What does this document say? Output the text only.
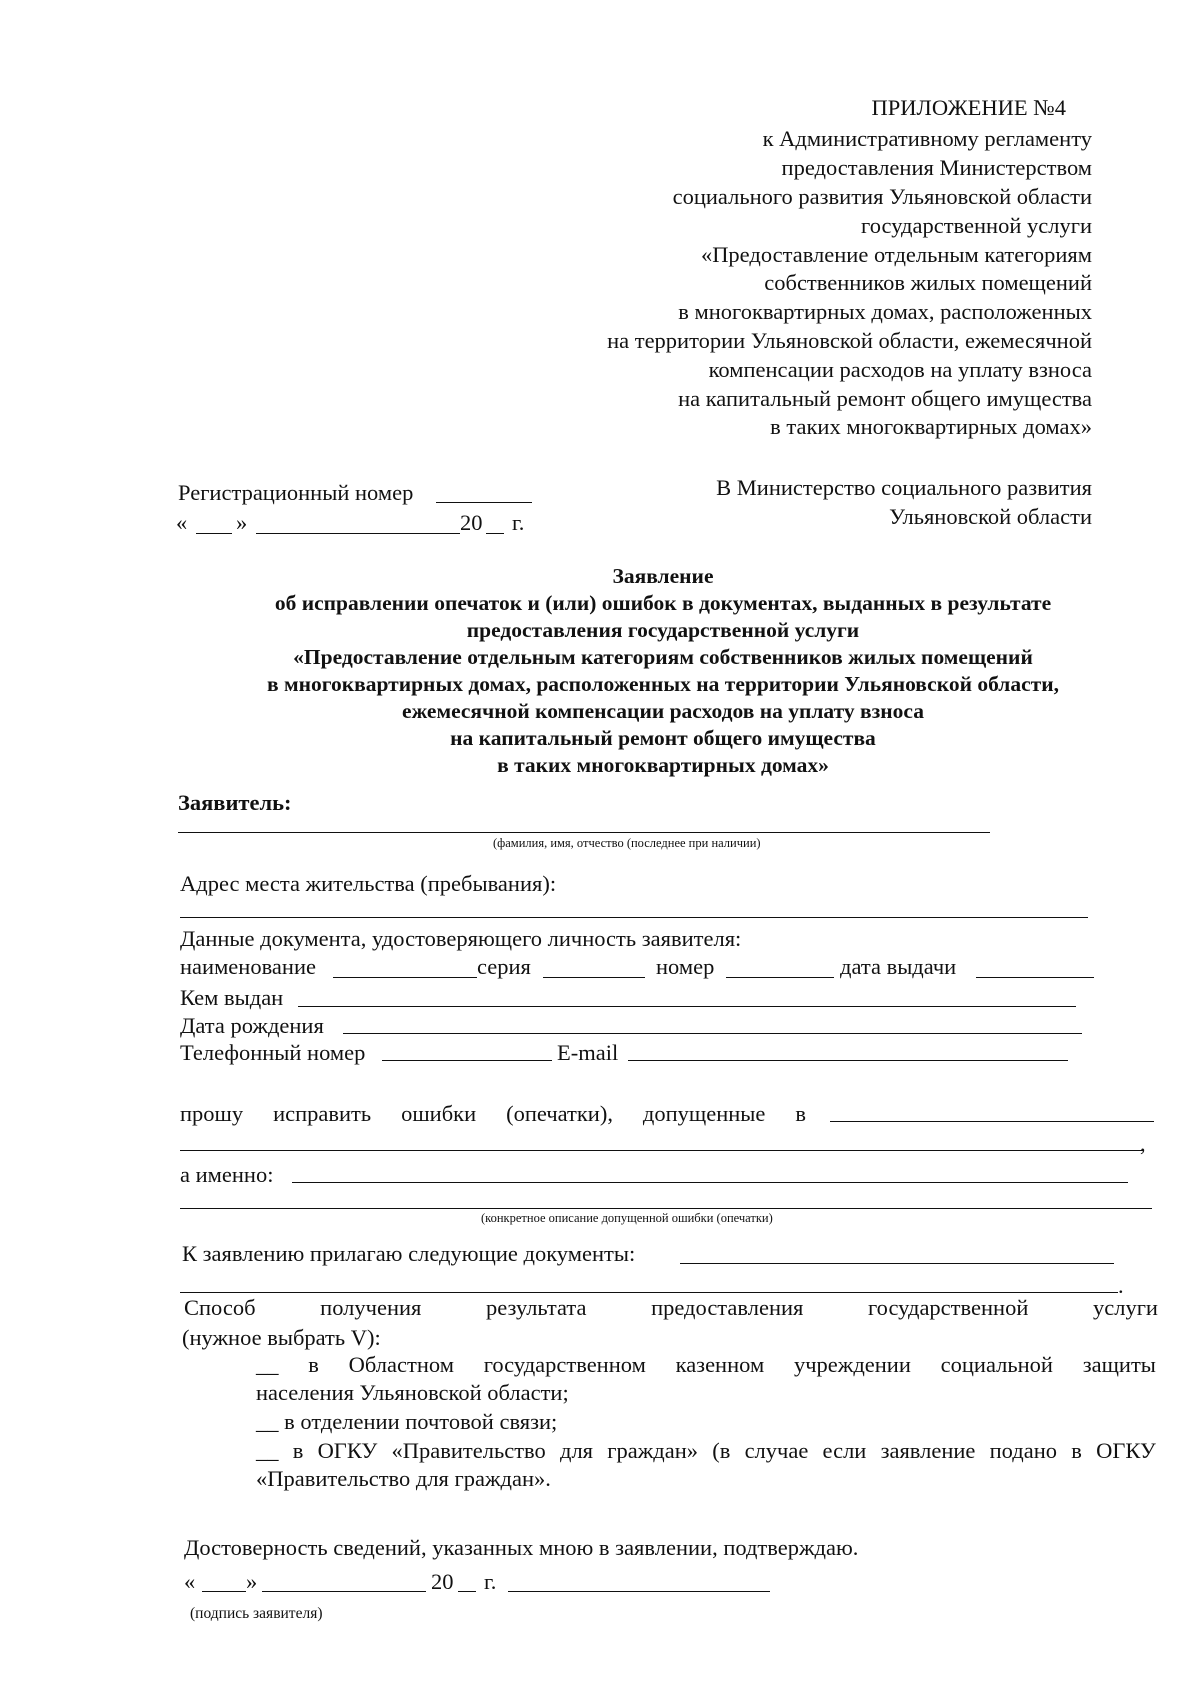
ПРИЛОЖЕНИЕ №4
к Административному регламенту
предоставления Министерством
социального развития Ульяновской области
государственной услуги
«Предоставление отдельным категориям
собственников жилых помещений
в многоквартирных домах, расположенных
на территории Ульяновской области, ежемесячной
компенсации расходов на уплату взноса
на капитальный ремонт общего имущества
в таких многоквартирных домах»
Регистрационный номер
« »	20 г.
В Министерство социального развития
Ульяновской области
Заявление
об исправлении опечаток и (или) ошибок в документах, выданных в результате
предоставления государственной услуги
«Предоставление отдельным категориям собственников жилых помещений
в многоквартирных домах, расположенных на территории Ульяновской области,
ежемесячной компенсации расходов на уплату взноса
на капитальный ремонт общего имущества
в таких многоквартирных домах»
Заявитель:
(фамилия, имя, отчество (последнее при наличии)
Адрес места жительства (пребывания):
Данные документа, удостоверяющего личность заявителя:
наименование	серия	номер	дата выдачи
Кем выдан
Дата рождения
Телефонный номер	E-mail
прошу исправить ошибки (опечатки), допущенные в
,
а именно:
(конкретное описание допущенной ошибки (опечатки)
К заявлению прилагаю следующие документы:
.
Способ	получения	результата	предоставления	государственной	услуги
(нужное выбрать V):
__ в Областном государственном казенном учреждении социальной защиты
населения Ульяновской области;
__ в отделении почтовой связи;
__ в ОГКУ «Правительство для граждан» (в случае если заявление подано в ОГКУ
«Правительство для граждан».
Достоверность сведений, указанных мною в заявлении, подтверждаю.
« »	20 г.
(подпись заявителя)
